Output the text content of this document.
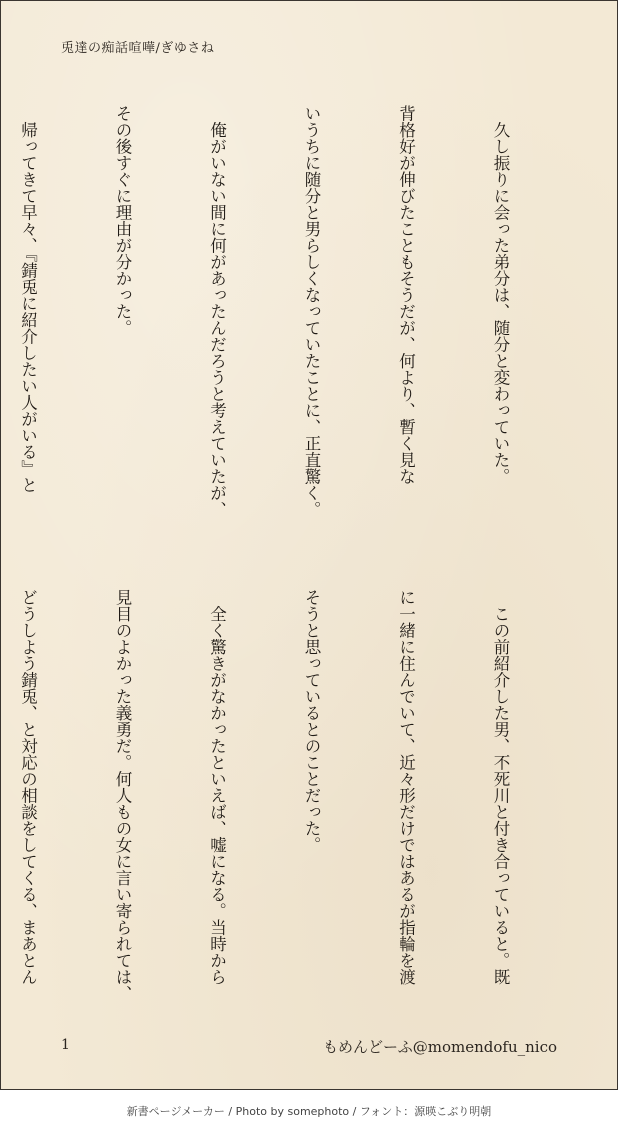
兎達の痴話喧嘩/ぎゆさね

　久し振りに会った弟分は、随分と変わっていた。

背格好が伸びたこともそうだが、何より、暫く見な

いうちに随分と男らしくなっていたことに、正直驚く。

　俺がいない間に何があったんだろうと考えていたが、

その後すぐに理由が分かった。

　帰ってきて早々、『錆兎に紹介したい人がいる』と

　この前紹介した男、不死川と付き合っていると。既

に一緒に住んでいて、近々形だけではあるが指輪を渡

そうと思っているとのことだった。

　全く驚きがなかったといえば、嘘になる。当時から

見目のよかった義勇だ。何人もの女に言い寄られては、

どうしよう錆兎、と対応の相談をしてくる、まあとん

1	もめんどーふ@momendofu_nico
新書ページメーカー / Photo by somephoto / フォント：源暎こぶり明朝
